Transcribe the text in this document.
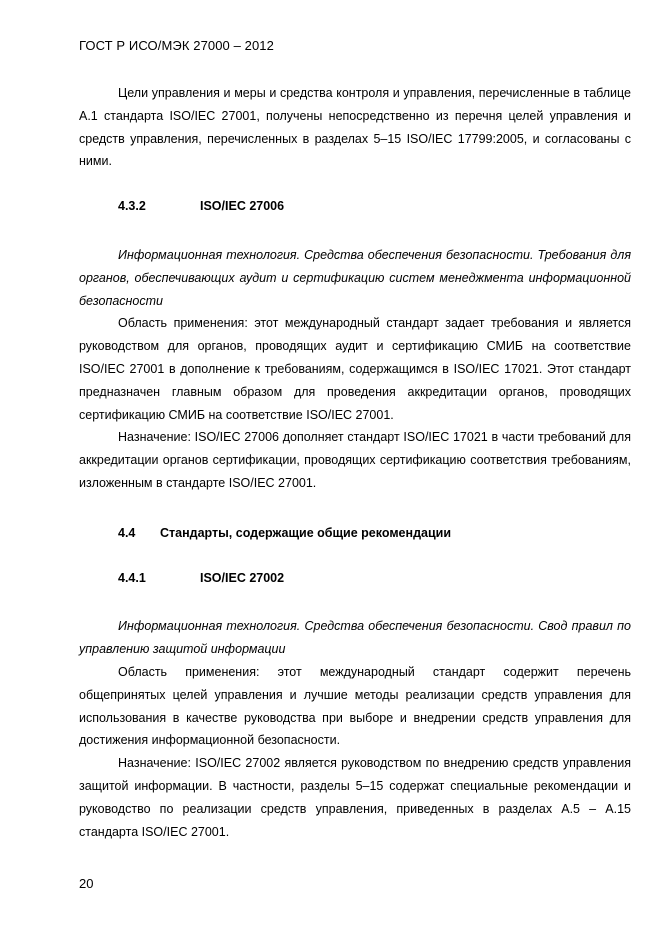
ГОСТ Р ИСО/МЭК 27000 – 2012

Цели управления и меры и средства контроля и управления, перечисленные в таблице А.1 стандарта ISO/IEC 27001, получены непосредственно из перечня целей управления и средств управления, перечисленных в разделах 5–15 ISO/IEC 17799:2005, и согласованы с ними.

4.3.2	ISO/IEC 27006

Информационная технология. Средства обеспечения безопасности. Требования для органов, обеспечивающих аудит и сертификацию систем менеджмента информационной безопасности

Область применения: этот международный стандарт задает требования и является руководством для органов, проводящих аудит и сертификацию СМИБ на соответствие ISO/IEC 27001 в дополнение к требованиям, содержащимся в ISO/IEC 17021. Этот стандарт предназначен главным образом для проведения аккредитации органов, проводящих сертификацию СМИБ на соответствие ISO/IEC 27001.

Назначение: ISO/IEC 27006 дополняет стандарт ISO/IEC 17021 в части требований для аккредитации органов сертификации, проводящих сертификацию соответствия требованиям, изложенным в стандарте ISO/IEC 27001.

4.4	Стандарты, содержащие общие рекомендации
4.4.1	ISO/IEC 27002

Информационная технология. Средства обеспечения безопасности. Свод правил по управлению защитой информации

Область применения: этот международный стандарт содержит перечень общепринятых целей управления и лучшие методы реализации средств управления для использования в качестве руководства при выборе и внедрении средств управления для достижения информационной безопасности.

Назначение: ISO/IEC 27002 является руководством по внедрению средств управления защитой информации. В частности, разделы 5–15 содержат специальные рекомендации и руководство по реализации средств управления, приведенных в разделах А.5 – А.15 стандарта ISO/IEC 27001.

20
